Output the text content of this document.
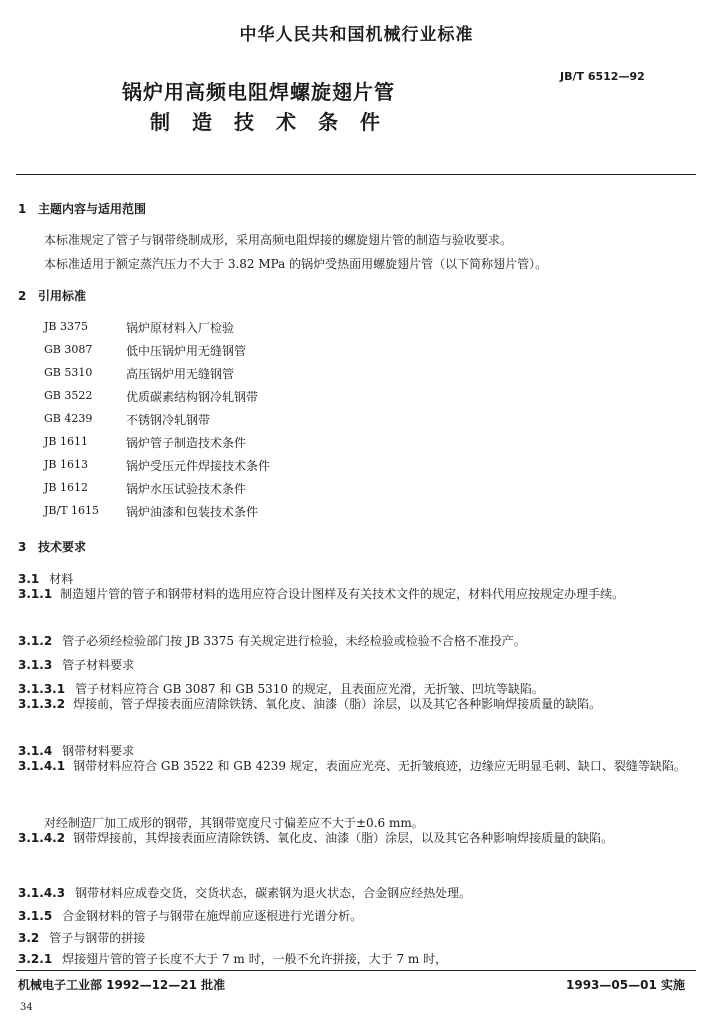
中华人民共和国机械行业标准
锅炉用高频电阻焊螺旋翅片管
制造技术条件
JB/T 6512—92
1 主题内容与适用范围
本标准规定了管子与钢带绕制成形，采用高频电阻焊接的螺旋翅片管的制造与验收要求。
本标准适用于额定蒸汽压力不大于 3.82 MPa 的锅炉受热面用螺旋翅片管（以下简称翅片管）。
2 引用标准
JB 3375	锅炉原材料入厂检验
GB 3087	低中压锅炉用无缝钢管
GB 5310	高压锅炉用无缝钢管
GB 3522	优质碳素结构钢冷轧钢带
GB 4239	不锈钢冷轧钢带
JB 1611	锅炉管子制造技术条件
JB 1613	锅炉受压元件焊接技术条件
JB 1612	锅炉水压试验技术条件
JB/T 1615	锅炉油漆和包装技术条件
3 技术要求
3.1 材料
3.1.1 制造翅片管的管子和钢带材料的选用应符合设计图样及有关技术文件的规定，材料代用应按规定办理手续。
3.1.2 管子必须经检验部门按 JB 3375 有关规定进行检验，未经检验或检验不合格不准投产。
3.1.3 管子材料要求
3.1.3.1 管子材料应符合 GB 3087 和 GB 5310 的规定，且表面应光滑，无折皱、凹坑等缺陷。
3.1.3.2 焊接前，管子焊接表面应清除铁锈、氧化皮、油漆（脂）涂层，以及其它各种影响焊接质量的缺陷。
3.1.4 钢带材料要求
3.1.4.1 钢带材料应符合 GB 3522 和 GB 4239 规定，表面应光亮、无折皱痕迹，边缘应无明显毛刺、缺口、裂缝等缺陷。
对经制造厂加工成形的钢带，其钢带宽度尺寸偏差应不大于±0.6 mm。
3.1.4.2 钢带焊接前，其焊接表面应清除铁锈、氧化皮、油漆（脂）涂层，以及其它各种影响焊接质量的缺陷。
3.1.4.3 钢带材料应成卷交货，交货状态，碳素钢为退火状态，合金钢应经热处理。
3.1.5 合金钢材料的管子与钢带在施焊前应逐根进行光谱分析。
3.2 管子与钢带的拼接
3.2.1 焊接翅片管的管子长度不大于 7 m 时，一般不允许拼接，大于 7 m 时，
机械电子工业部 1992—12—21 批准	1993—05—01 实施
34
